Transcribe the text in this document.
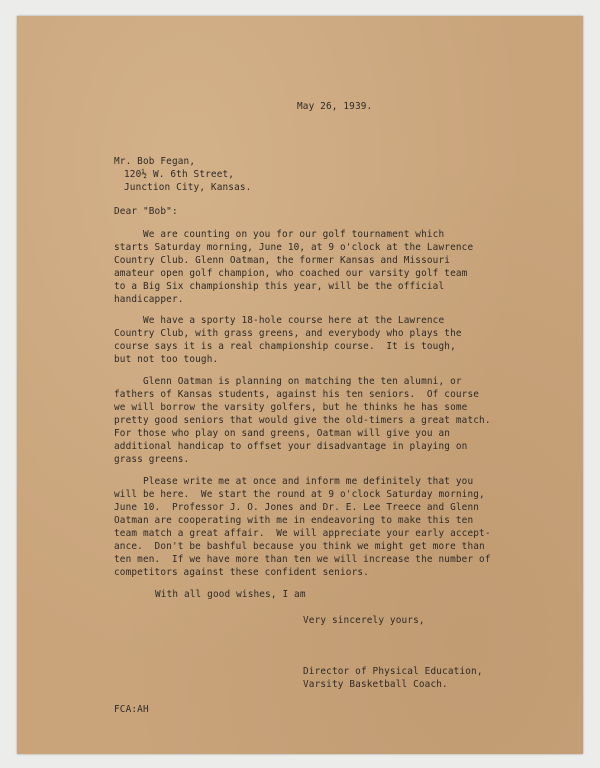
May 26, 1939.
Mr. Bob Fegan,
120½ W. 6th Street,
Junction City, Kansas.
Dear "Bob":
We are counting on you for our golf tournament which
starts Saturday morning, June 10, at 9 o'clock at the Lawrence
Country Club. Glenn Oatman, the former Kansas and Missouri
amateur open golf champion, who coached our varsity golf team
to a Big Six championship this year, will be the official
handicapper.
We have a sporty 18-hole course here at the Lawrence
Country Club, with grass greens, and everybody who plays the
course says it is a real championship course.  It is tough,
but not too tough.
Glenn Oatman is planning on matching the ten alumni, or
fathers of Kansas students, against his ten seniors.  Of course
we will borrow the varsity golfers, but he thinks he has some
pretty good seniors that would give the old-timers a great match.
For those who play on sand greens, Oatman will give you an
additional handicap to offset your disadvantage in playing on
grass greens.
Please write me at once and inform me definitely that you
will be here.  We start the round at 9 o'clock Saturday morning,
June 10.  Professor J. O. Jones and Dr. E. Lee Treece and Glenn
Oatman are cooperating with me in endeavoring to make this ten
team match a great affair.  We will appreciate your early accept-
ance.  Don't be bashful because you think we might get more than
ten men.  If we have more than ten we will increase the number of
competitors against these confident seniors.
With all good wishes, I am
Very sincerely yours,
Director of Physical Education,
Varsity Basketball Coach.
FCA:AH
